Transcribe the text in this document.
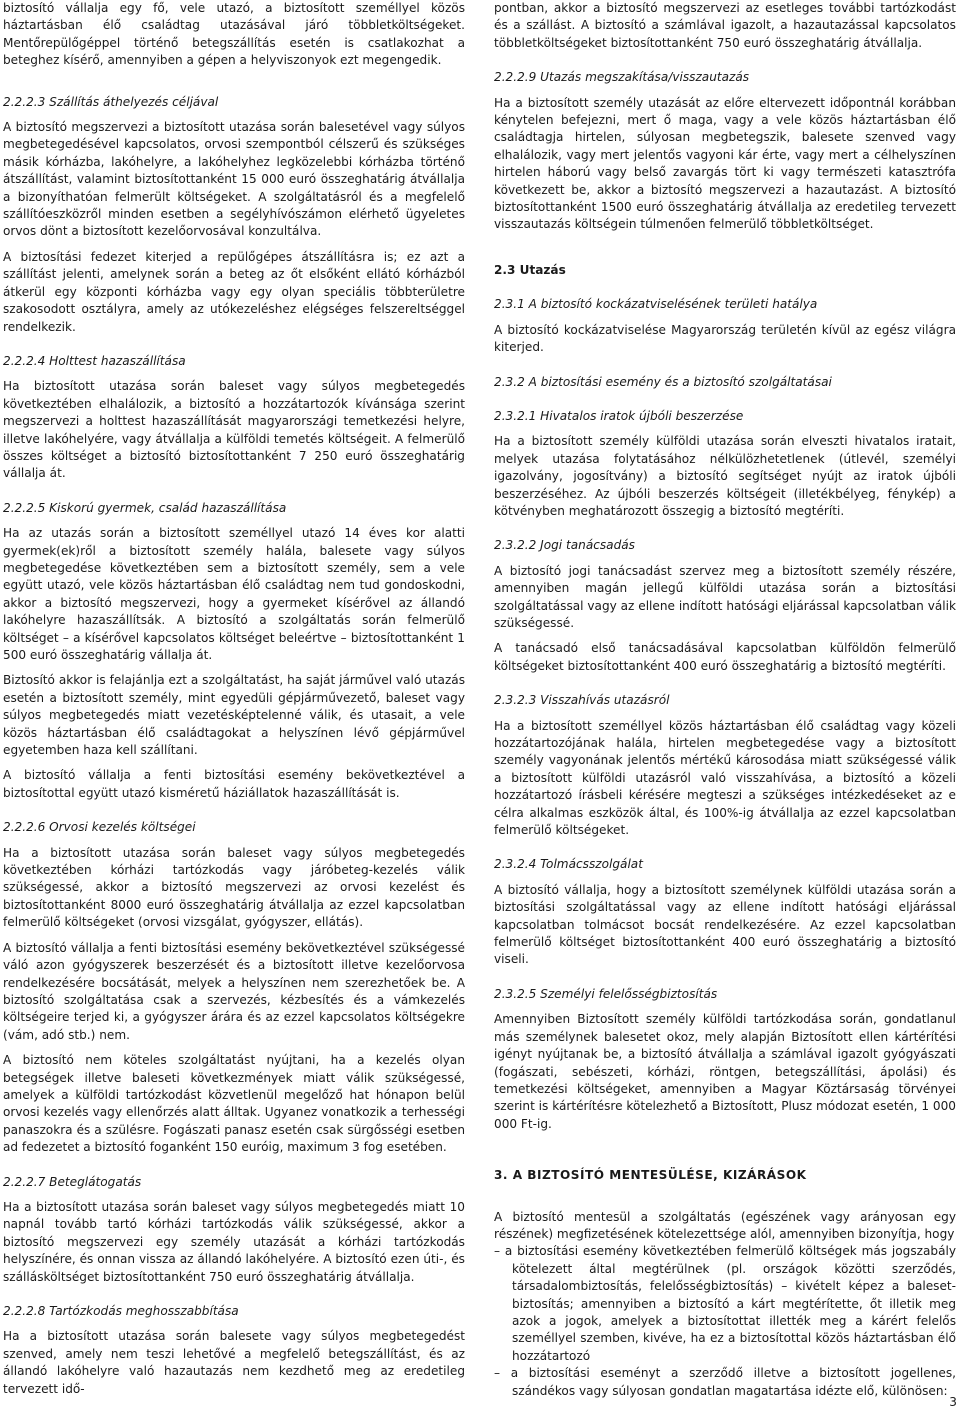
biztosító vállalja egy fő, vele utazó, a biztosított személlyel közös háztartásban élő családtag utazásával járó többletköltségeket. Mentőrepülőgéppel történő betegszállítás esetén is csatlakozhat a beteghez kísérő, amennyiben a gépen a helyviszonyok ezt megengedik.

2.2.2.3 Szállítás áthelyezés céljával

A biztosító megszervezi a biztosított utazása során balesetével vagy súlyos megbetegedésével kapcsolatos, orvosi szempontból célszerű és szükséges másik kórházba, lakóhelyre, a lakóhelyhez legközelebbi kórházba történő átszállítást, valamint biztosítottanként 15 000 euró összeghatárig átvállalja a bizonyíthatóan felmerült költségeket. A szolgáltatásról és a megfelelő szállítóeszközről minden esetben a segélyhívószámon elérhető ügyeletes orvos dönt a biztosított kezelőorvosával konzultálva.

A biztosítási fedezet kiterjed a repülőgépes átszállításra is; ez azt a szállítást jelenti, amelynek során a beteg az őt elsőként ellátó kórházból átkerül egy központi kórházba vagy egy olyan speciális többterületre szakosodott osztályra, amely az utókezeléshez elégséges felszereltséggel rendelkezik.

2.2.2.4 Holttest hazaszállítása

Ha biztosított utazása során baleset vagy súlyos megbetegedés következtében elhalálozik, a biztosító a hozzátartozók kívánsága szerint megszervezi a holttest hazaszállítását magyarországi temetkezési helyre, illetve lakóhelyére, vagy átvállalja a külföldi temetés költségeit. A felmerülő összes költséget a biztosító biztosítottanként 7 250 euró összeghatárig vállalja át.

2.2.2.5 Kiskorú gyermek, család hazaszállítása

Ha az utazás során a biztosított személlyel utazó 14 éves kor alatti gyermek(ek)ről a biztosított személy halála, balesete vagy súlyos megbetegedése következtében sem a biztosított személy, sem a vele együtt utazó, vele közös háztartásban élő családtag nem tud gondoskodni, akkor a biztosító megszervezi, hogy a gyermeket kísérővel az állandó lakóhelyre hazaszállítsák. A biztosító a szolgáltatás során felmerülő költséget – a kísérővel kapcsolatos költséget beleértve – biztosítottanként 1 500 euró összeghatárig vállalja át.

Biztosító akkor is felajánlja ezt a szolgáltatást, ha saját járművel való utazás esetén a biztosított személy, mint egyedüli gépjárművezető, baleset vagy súlyos megbetegedés miatt vezetésképtelenné válik, és utasait, a vele közös háztartásban élő családtagokat a helyszínen lévő gépjárművel egyetemben haza kell szállítani.

A biztosító vállalja a fenti biztosítási esemény bekövetkeztével a biztosítottal együtt utazó kisméretű háziállatok hazaszállítását is.

2.2.2.6 Orvosi kezelés költségei

Ha a biztosított utazása során baleset vagy súlyos megbetegedés következtében kórházi tartózkodás vagy járóbeteg-kezelés válik szükségessé, akkor a biztosító megszervezi az orvosi kezelést és biztosítottanként 8000 euró összeghatárig átvállalja az ezzel kapcsolatban felmerülő költségeket (orvosi vizsgálat, gyógyszer, ellátás).

A biztosító vállalja a fenti biztosítási esemény bekövetkeztével szükségessé váló azon gyógyszerek beszerzését és a biztosított illetve kezelőorvosa rendelkezésére bocsátását, melyek a helyszínen nem szerezhetőek be. A biztosító szolgáltatása csak a szervezés, kézbesítés és a vámkezelés költségeire terjed ki, a gyógyszer árára és az ezzel kapcsolatos költségekre (vám, adó stb.) nem.

A biztosító nem köteles szolgáltatást nyújtani, ha a kezelés olyan betegségek illetve baleseti következmények miatt válik szükségessé, amelyek a külföldi tartózkodást közvetlenül megelőző hat hónapon belül orvosi kezelés vagy ellenőrzés alatt álltak. Ugyanez vonatkozik a terhességi panaszokra és a szülésre. Fogászati panasz esetén csak sürgősségi esetben ad fedezetet a biztosító foganként 150 euróig, maximum 3 fog esetében.

2.2.2.7 Beteglátogatás

Ha a biztosított utazása során baleset vagy súlyos megbetegedés miatt 10 napnál tovább tartó kórházi tartózkodás válik szükségessé, akkor a biztosító megszervezi egy személy utazását a kórházi tartózkodás helyszínére, és onnan vissza az állandó lakóhelyére. A biztosító ezen úti-, és szállásköltséget biztosítottanként 750 euró összeghatárig átvállalja.

2.2.2.8 Tartózkodás meghosszabbítása

Ha a biztosított utazása során balesete vagy súlyos megbetegedést szenved, amely nem teszi lehetővé a megfelelő betegszállítást, és az állandó lakóhelyre való hazautazás nem kezdhető meg az eredetileg tervezett idő-

pontban, akkor a biztosító megszervezi az esetleges további tartózkodást és a szállást. A biztosító a számlával igazolt, a hazautazással kapcsolatos többletköltségeket biztosítottanként 750 euró összeghatárig átvállalja.

2.2.2.9 Utazás megszakítása/visszautazás

Ha a biztosított személy utazását az előre eltervezett időpontnál korábban kénytelen befejezni, mert ő maga, vagy a vele közös háztartásban élő családtagja hirtelen, súlyosan megbetegszik, balesete szenved vagy elhalálozik, vagy mert jelentős vagyoni kár érte, vagy mert a célhelyszínen hirtelen háború vagy belső zavargás tört ki vagy természeti katasztrófa következett be, akkor a biztosító megszervezi a hazautazást. A biztosító biztosítottanként 1500 euró összeghatárig átvállalja az eredetileg tervezett visszautazás költségein túlmenően felmerülő többletköltséget.

2.3 Utazás

2.3.1 A biztosító kockázatviselésének területi hatálya

A biztosító kockázatviselése Magyarország területén kívül az egész világra kiterjed.

2.3.2 A biztosítási esemény és a biztosító szolgáltatásai

2.3.2.1 Hivatalos iratok újbóli beszerzése

Ha a biztosított személy külföldi utazása során elveszti hivatalos iratait, melyek utazása folytatásához nélkülözhetetlenek (útlevél, személyi igazolvány, jogosítvány) a biztosító segítséget nyújt az iratok újbóli beszerzéséhez. Az újbóli beszerzés költségeit (illetékbélyeg, fénykép) a kötvényben meghatározott összegig a biztosító megtéríti.

2.3.2.2 Jogi tanácsadás

A biztosító jogi tanácsadást szervez meg a biztosított személy részére, amennyiben magán jellegű külföldi utazása során a biztosítási szolgáltatással vagy az ellene indított hatósági eljárással kapcsolatban válik szükségessé.

A tanácsadó első tanácsadásával kapcsolatban külföldön felmerülő költségeket biztosítottanként 400 euró összeghatárig a biztosító megtéríti.

2.3.2.3 Visszahívás utazásról

Ha a biztosított személlyel közös háztartásban élő családtag vagy közeli hozzátartozójának halála, hirtelen megbetegedése vagy a biztosított személy vagyonának jelentős mértékű károsodása miatt szükségessé válik a biztosított külföldi utazásról való visszahívása, a biztosító a közeli hozzátartozó írásbeli kérésére megteszi a szükséges intézkedéseket az e célra alkalmas eszközök által, és 100%-ig átvállalja az ezzel kapcsolatban felmerülő költségeket.

2.3.2.4 Tolmácsszolgálat

A biztosító vállalja, hogy a biztosított személynek külföldi utazása során a biztosítási szolgáltatással vagy az ellene indított hatósági eljárással kapcsolatban tolmácsot bocsát rendelkezésére. Az ezzel kapcsolatban felmerülő költséget biztosítottanként 400 euró összeghatárig a biztosító viseli.

2.3.2.5 Személyi felelősségbiztosítás

Amennyiben Biztosított személy külföldi tartózkodása során, gondatlanul más személynek balesetet okoz, mely alapján Biztosított ellen kártérítési igényt nyújtanak be, a biztosító átvállalja a számlával igazolt gyógyászati (fogászati, sebészeti, kórházi, röntgen, betegszállítási, ápolási) és temetkezési költségeket, amennyiben a Magyar Köztársaság törvényei szerint is kártérítésre kötelezhető a Biztosított, Plusz módozat esetén, 1 000 000 Ft-ig.

3. A BIZTOSÍTÓ MENTESÜLÉSE, KIZÁRÁSOK

A biztosító mentesül a szolgáltatás (egészének vagy arányosan egy részének) megfizetésének kötelezettsége alól, amennyiben bizonyítja, hogy

– a biztosítási esemény következtében felmerülő költségek más jogszabály kötelezett által megtérülnek (pl. országok közötti szerződés, társadalombiztosítás, felelősségbiztosítás) – kivételt képez a baleset-biztosítás; amennyiben a biztosító a kárt megtérítette, őt illetik meg azok a jogok, amelyek a biztosítottat illették meg a kárért felelős személlyel szemben, kivéve, ha ez a biztosítottal közös háztartásban élő hozzátartozó
– a biztosítási eseményt a szerződő illetve a biztosított jogellenes, szándékos vagy súlyosan gondatlan magatartása idézte elő, különösen:
3
